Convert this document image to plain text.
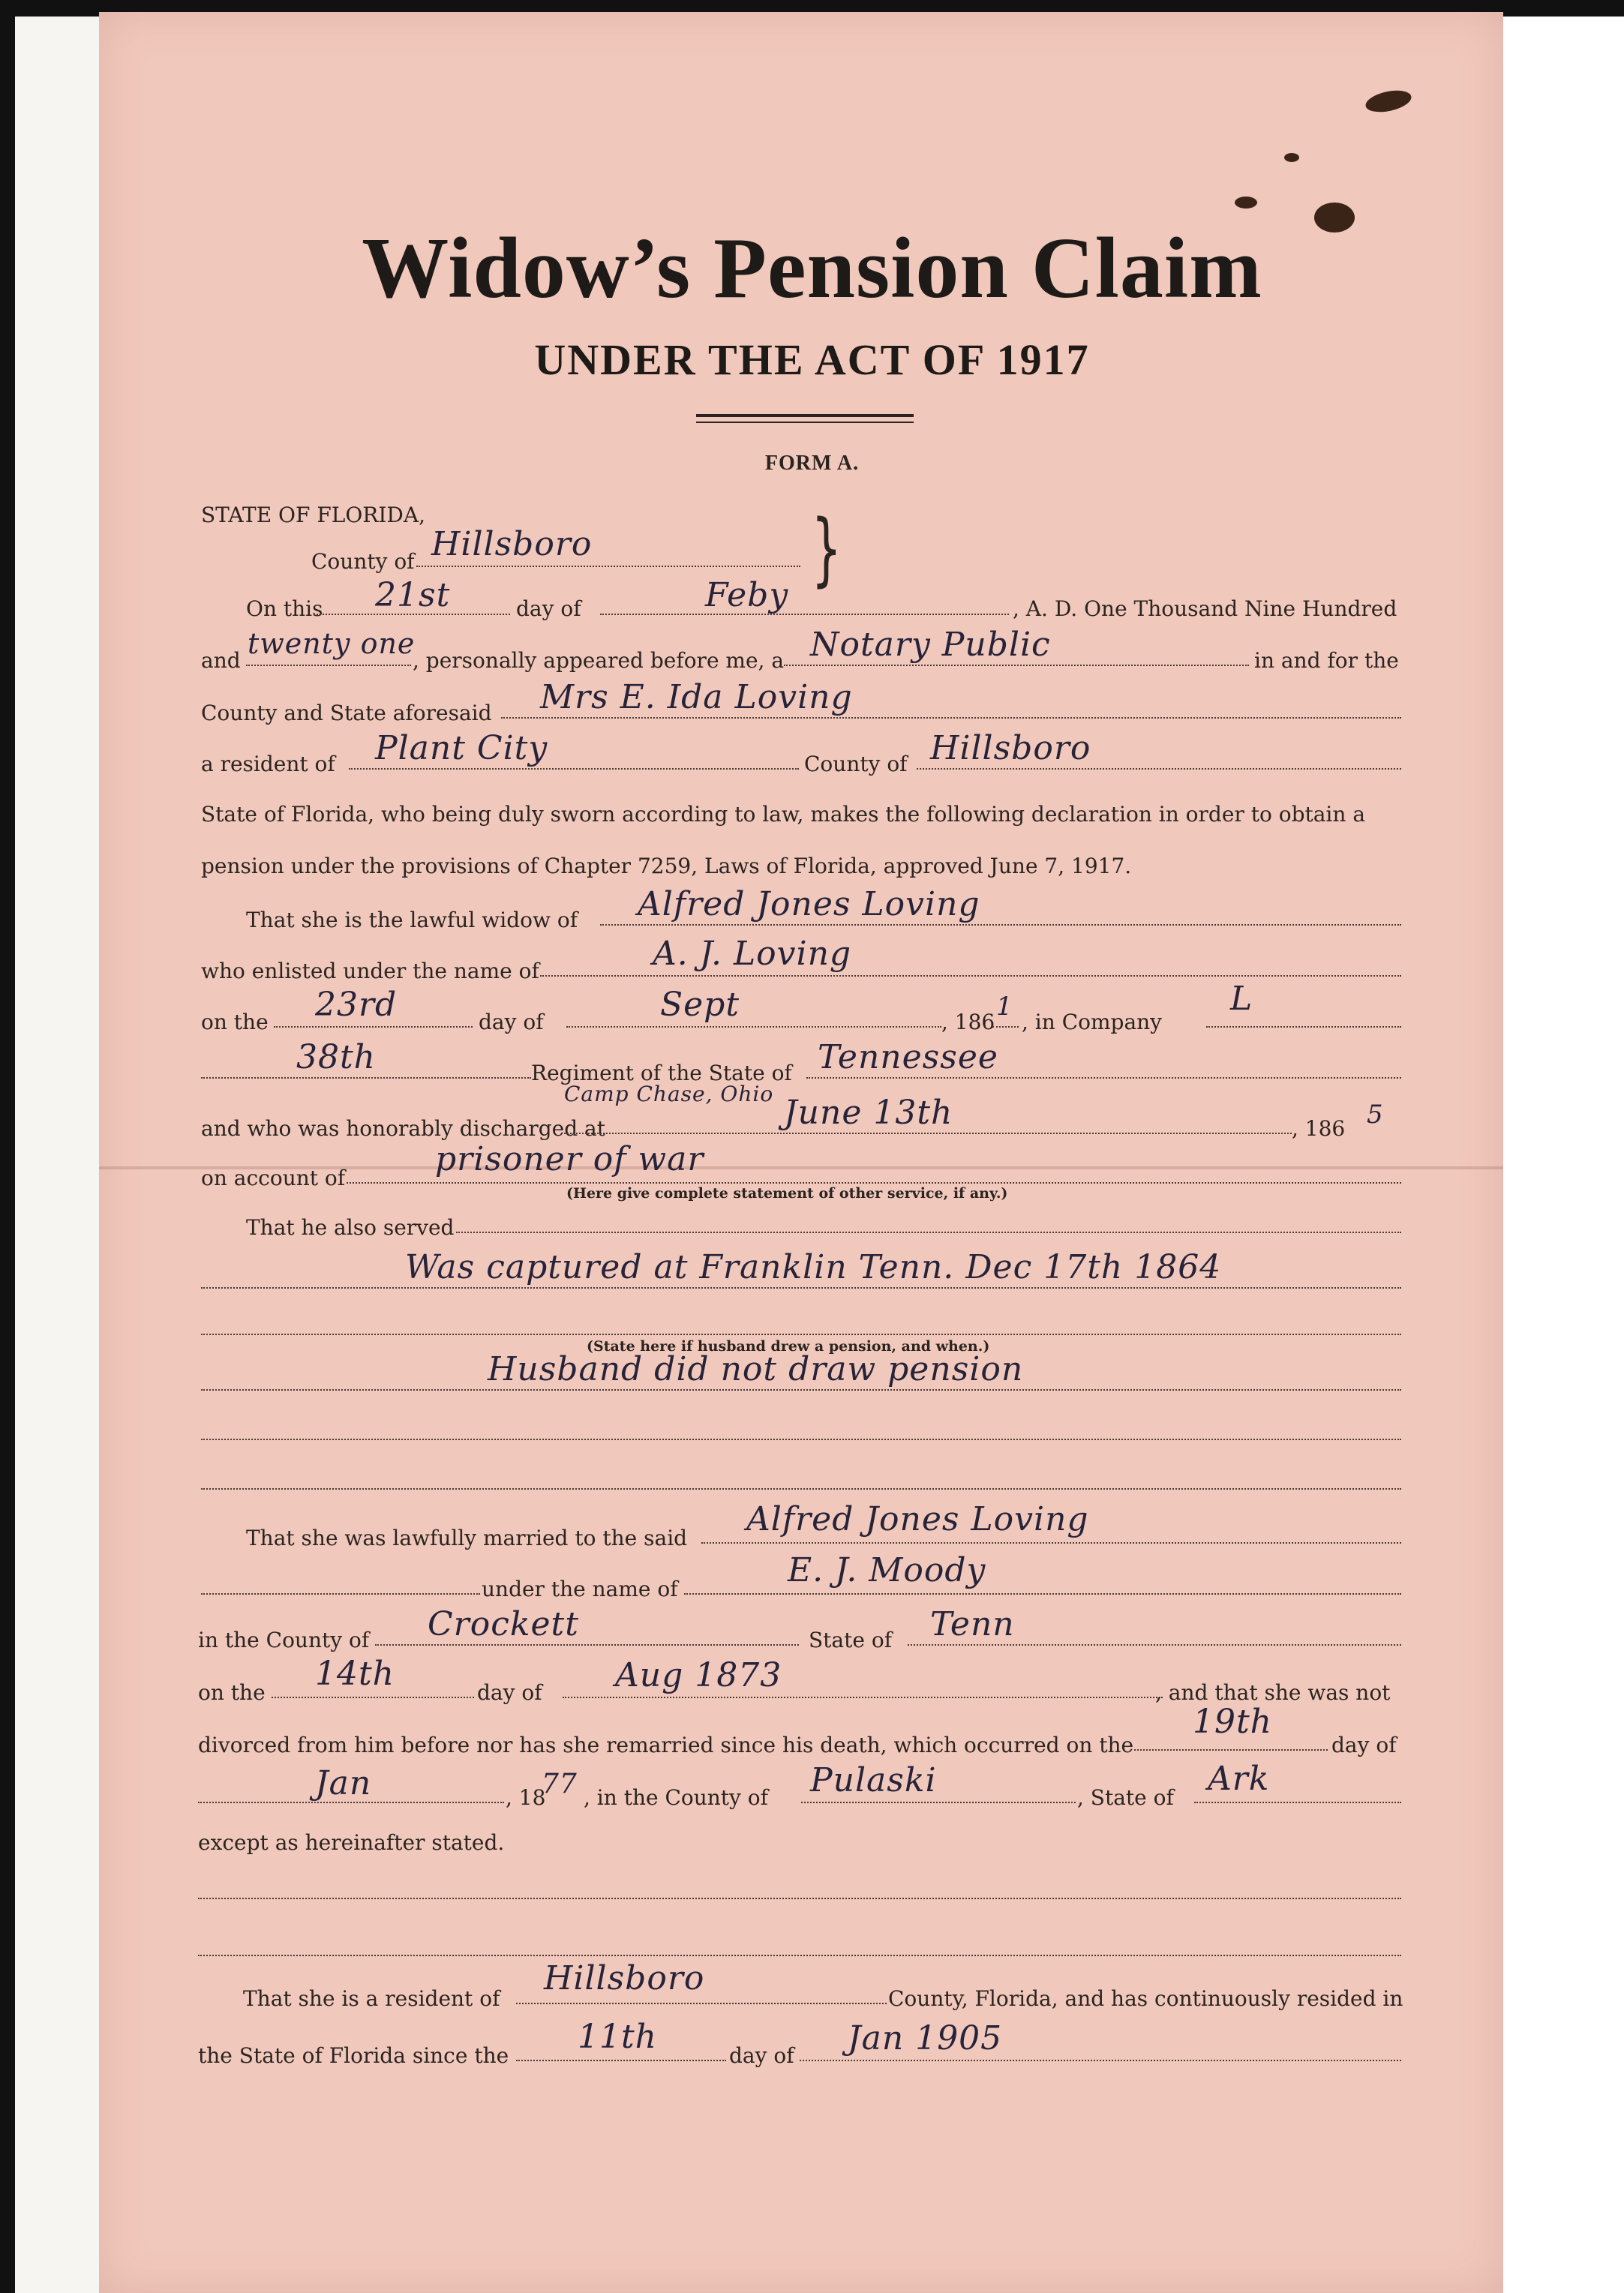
Widow’s Pension Claim
UNDER THE ACT OF 1917
FORM A.
STATE OF FLORIDA,
County of Hillsboro	}
On this 21st	day of	Feby	, A. D. One Thousand Nine Hundred
and
twenty one
, personally appeared before me, a Notary Public	in and for the
County and State aforesaid Mrs E. Ida Loving
a resident of Plant City	County of Hillsboro
State of Florida, who being duly sworn according to law, makes the following declaration in order to obtain a
pension under the provisions of Chapter 7259, Laws of Florida, approved June 7, 1917.
That she is the lawful widow of Alfred Jones Loving
who enlisted under the name of	A. J. Loving
on the 23rd	day of	Sept	, 186
1
, in Company
L
38th	Regiment of the State of Tennessee
and who was honorably discharged at
Camp Chase, Ohio June 13th	, 186 5
on account of	prisoner of war
(Here give complete statement of other service, if any.)
That he also served
Was captured at Franklin Tenn. Dec 17th 1864
(State here if husband drew a pension, and when.)
Husband did not draw pension
That she was lawfully married to the said Alfred Jones Loving
under the name of	E. J. Moody
in the County of Crockett	State of Tenn
on the 14th	day of Aug 1873	, and that she was not
divorced from him before nor has she remarried since his death, which occurred on the
19th
day of
Jan	, 18
77 , in the County of Pulaski	, State of Ark
except as hereinafter stated.
That she is a resident of
Hillsboro
County, Florida, and has continuously resided in
the State of Florida since the 11th	day of Jan 1905
